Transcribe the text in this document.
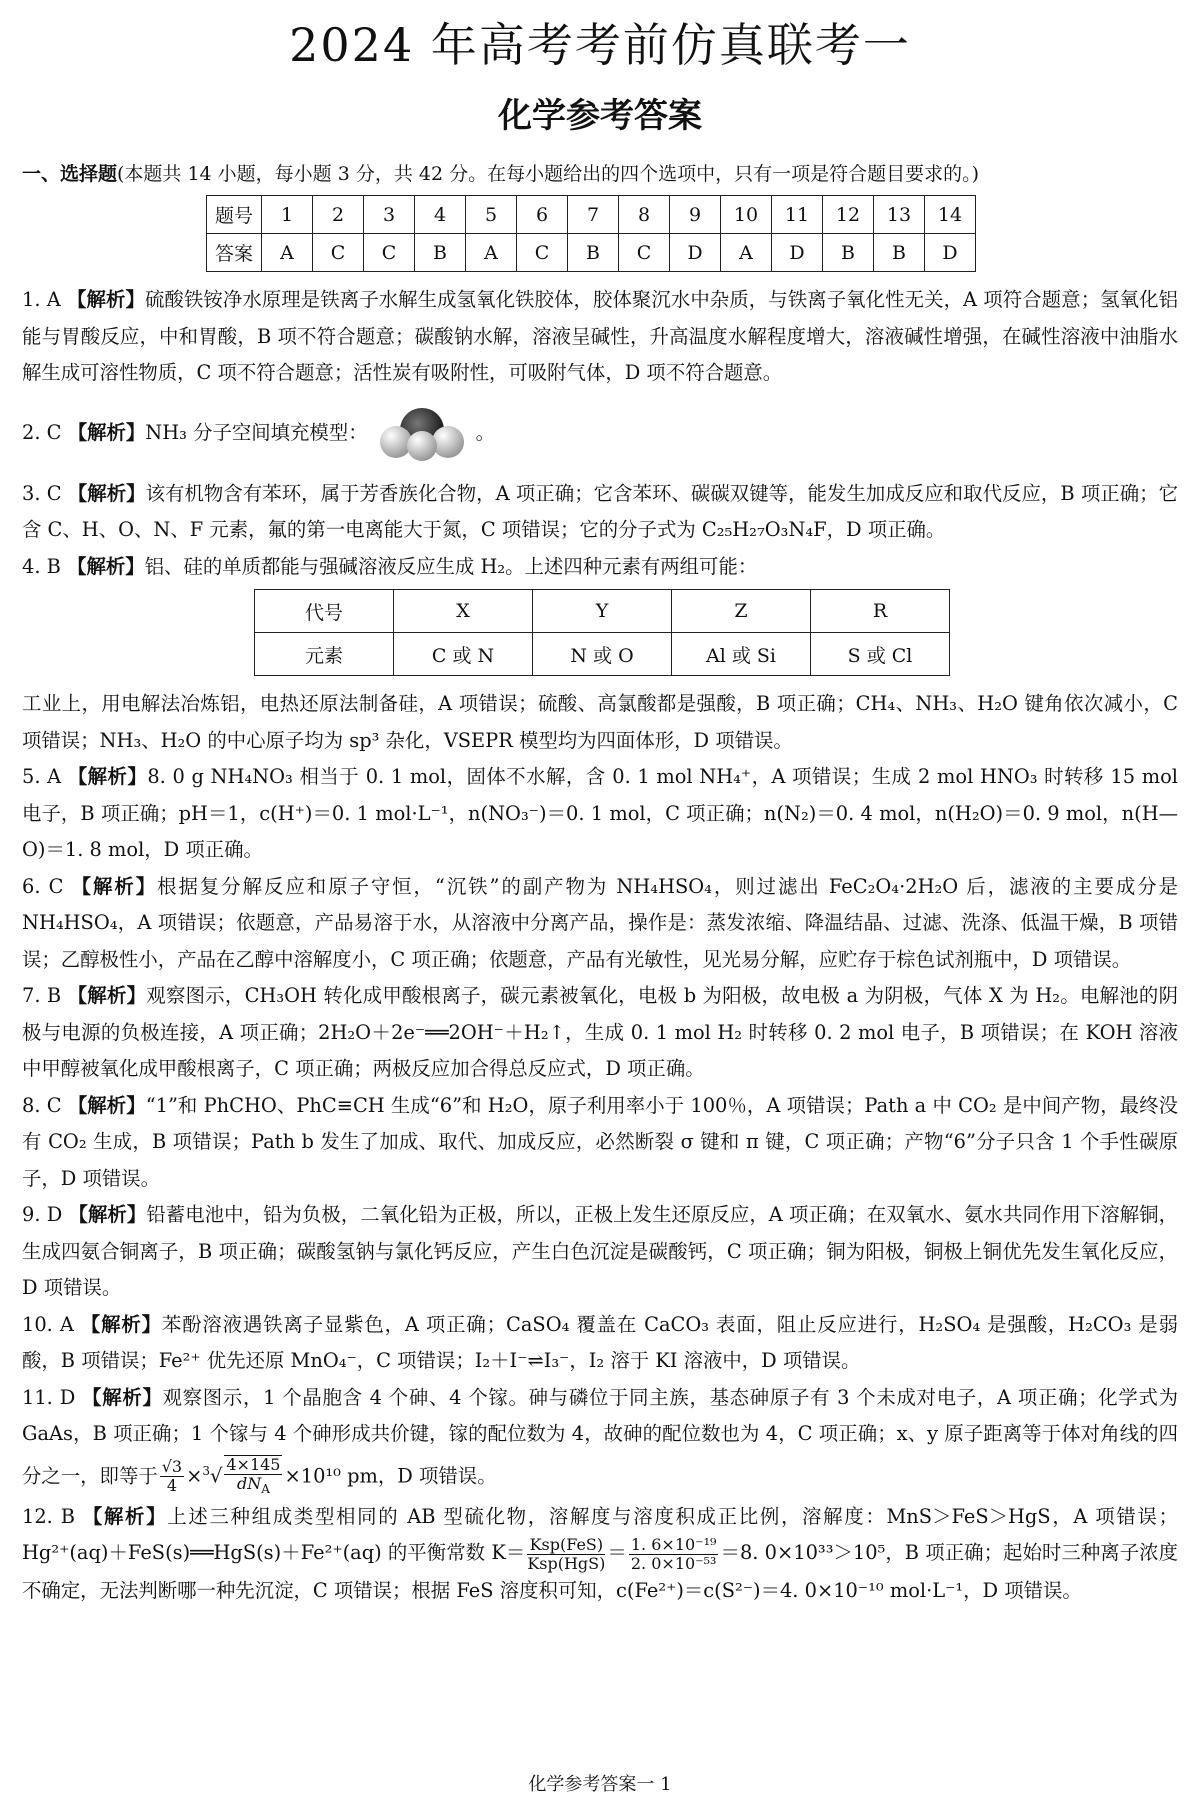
2024 年高考考前仿真联考一
化学参考答案
一、选择题(本题共 14 小题，每小题 3 分，共 42 分。在每小题给出的四个选项中，只有一项是符合题目要求的。)
题号	1	2	3	4	5	6	7	8	9	10	11	12	13	14
答案	A	C	C	B	A	C	B	C	D	A	D	B	B	D

1. A 【解析】硫酸铁铵净水原理是铁离子水解生成氢氧化铁胶体，胶体聚沉水中杂质，与铁离子氧化性无关，A 项符合题意；氢氧化铝能与胃酸反应，中和胃酸，B 项不符合题意；碳酸钠水解，溶液呈碱性，升高温度水解程度增大，溶液碱性增强，在碱性溶液中油脂水解生成可溶性物质，C 项不符合题意；活性炭有吸附性，可吸附气体，D 项不符合题意。

2. C 【解析】NH₃ 分子空间填充模型：	。

3. C 【解析】该有机物含有苯环，属于芳香族化合物，A 项正确；它含苯环、碳碳双键等，能发生加成反应和取代反应，B 项正确；它含 C、H、O、N、F 元素，氟的第一电离能大于氮，C 项错误；它的分子式为 C₂₅H₂₇O₃N₄F，D 项正确。

4. B 【解析】铝、硅的单质都能与强碱溶液反应生成 H₂。上述四种元素有两组可能：

代号	X	Y	Z	R
元素	C 或 N	N 或 O	Al 或 Si	S 或 Cl

工业上，用电解法冶炼铝，电热还原法制备硅，A 项错误；硫酸、高氯酸都是强酸，B 项正确；CH₄、NH₃、H₂O 键角依次减小，C 项错误；NH₃、H₂O 的中心原子均为 sp³ 杂化，VSEPR 模型均为四面体形，D 项错误。

5. A 【解析】8. 0 g NH₄NO₃ 相当于 0. 1 mol，固体不水解，含 0. 1 mol NH₄⁺，A 项错误；生成 2 mol HNO₃ 时转移 15 mol 电子，B 项正确；pH＝1，c(H⁺)＝0. 1 mol·L⁻¹，n(NO₃⁻)＝0. 1 mol，C 项正确；n(N₂)＝0. 4 mol，n(H₂O)＝0. 9 mol，n(H—O)＝1. 8 mol，D 项正确。

6. C 【解析】根据复分解反应和原子守恒，“沉铁”的副产物为 NH₄HSO₄，则过滤出 FeC₂O₄·2H₂O 后，滤液的主要成分是 NH₄HSO₄，A 项错误；依题意，产品易溶于水，从溶液中分离产品，操作是：蒸发浓缩、降温结晶、过滤、洗涤、低温干燥，B 项错误；乙醇极性小，产品在乙醇中溶解度小，C 项正确；依题意，产品有光敏性，见光易分解，应贮存于棕色试剂瓶中，D 项错误。

7. B 【解析】观察图示，CH₃OH 转化成甲酸根离子，碳元素被氧化，电极 b 为阳极，故电极 a 为阴极，气体 X 为 H₂。电解池的阴极与电源的负极连接，A 项正确；2H₂O＋2e⁻══2OH⁻＋H₂↑，生成 0. 1 mol H₂ 时转移 0. 2 mol 电子，B 项错误；在 KOH 溶液中甲醇被氧化成甲酸根离子，C 项正确；两极反应加合得总反应式，D 项正确。

8. C 【解析】“1”和 PhCHO、PhC≡CH 生成“6”和 H₂O，原子利用率小于 100％，A 项错误；Path a 中 CO₂ 是中间产物，最终没有 CO₂ 生成，B 项错误；Path b 发生了加成、取代、加成反应，必然断裂 σ 键和 π 键，C 项正确；产物“6”分子只含 1 个手性碳原子，D 项错误。

9. D 【解析】铅蓄电池中，铅为负极，二氧化铅为正极，所以，正极上发生还原反应，A 项正确；在双氧水、氨水共同作用下溶解铜，生成四氨合铜离子，B 项正确；碳酸氢钠与氯化钙反应，产生白色沉淀是碳酸钙，C 项正确；铜为阳极，铜极上铜优先发生氧化反应，D 项错误。

10. A 【解析】苯酚溶液遇铁离子显紫色，A 项正确；CaSO₄ 覆盖在 CaCO₃ 表面，阻止反应进行，H₂SO₄ 是强酸，H₂CO₃ 是弱酸，B 项错误；Fe²⁺ 优先还原 MnO₄⁻，C 项错误；I₂＋I⁻⇌I₃⁻，I₂ 溶于 KI 溶液中，D 项错误。

11. D 【解析】观察图示，1 个晶胞含 4 个砷、4 个镓。砷与磷位于同主族，基态砷原子有 3 个未成对电子，A 项正确；化学式为 GaAs，B 项正确；1 个镓与 4 个砷形成共价键，镓的配位数为 4，故砷的配位数也为 4，C 项正确；x、y 原子距离等于体对角线的四分之一，即等于 $\frac{√3}{4} \times^3√ \frac{4\times 145}{dN_A} \times 10^{10}$ pm，D 项错误。

12. B 【解析】上述三种组成类型相同的 AB 型硫化物，溶解度与溶度积成正比例，溶解度：MnS＞FeS＞HgS，A 项错误；Hg²⁺(aq)＋FeS(s)══HgS(s)＋Fe²⁺(aq) 的平衡常数 $K= \frac{\text{Ksp(FeS)}}{\text{Ksp(HgS)}} = \frac{\text{1. 6×10⁻¹⁹}}{\text{2. 0×10⁻⁵³}} =8$. 0×10³³＞10⁵，B 项正确；起始时三种离子浓度不确定，无法判断哪一种先沉淀，C 项错误；根据 FeS 溶度积可知，c(Fe²⁺)＝c(S²⁻)＝4. 0×10⁻¹⁰ mol·L⁻¹，D 项错误。

化学参考答案一 1
